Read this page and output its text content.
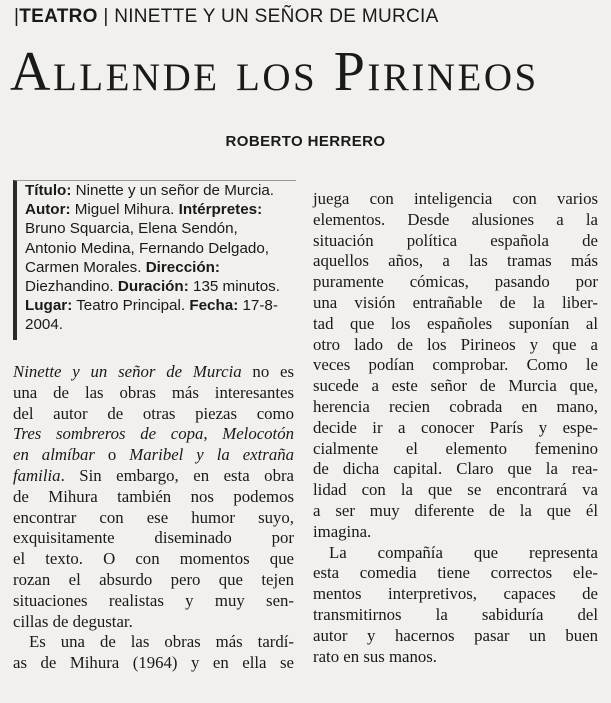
|TEATRO | NINETTE Y UN SEÑOR DE MURCIA
Allende los Pirineos
ROBERTO HERRERO
Título: Ninette y un señor de Murcia.
Autor: Miguel Mihura. Intérpretes:
Bruno Squarcia, Elena Sendón,
Antonio Medina, Fernando Delgado,
Carmen Morales. Dirección:
Diezhandino. Duración: 135 minutos.
Lugar: Teatro Principal. Fecha: 17-8-
2004.
Ninette y un señor de Murcia no es
una de las obras más interesantes
del autor de otras piezas como
Tres sombreros de copa, Melocotón
en almíbar o Maribel y la extraña
familia. Sin embargo, en esta obra
de Mihura también nos podemos
encontrar con ese humor suyo,
exquisitamente diseminado por
el texto. O con momentos que
rozan el absurdo pero que tejen
situaciones realistas y muy sen-
cillas de degustar.
Es una de las obras más tardí-
as de Mihura (1964) y en ella se
juega con inteligencia con varios
elementos. Desde alusiones a la
situación política española de
aquellos años, a las tramas más
puramente cómicas, pasando por
una visión entrañable de la liber-
tad que los españoles suponían al
otro lado de los Pirineos y que a
veces podían comprobar. Como le
sucede a este señor de Murcia que,
herencia recien cobrada en mano,
decide ir a conocer París y espe-
cialmente el elemento femenino
de dicha capital. Claro que la rea-
lidad con la que se encontrará va
a ser muy diferente de la que él
imagina.
La compañía que representa
esta comedia tiene correctos ele-
mentos interpretivos, capaces de
transmitirnos la sabiduría del
autor y hacernos pasar un buen
rato en sus manos.
